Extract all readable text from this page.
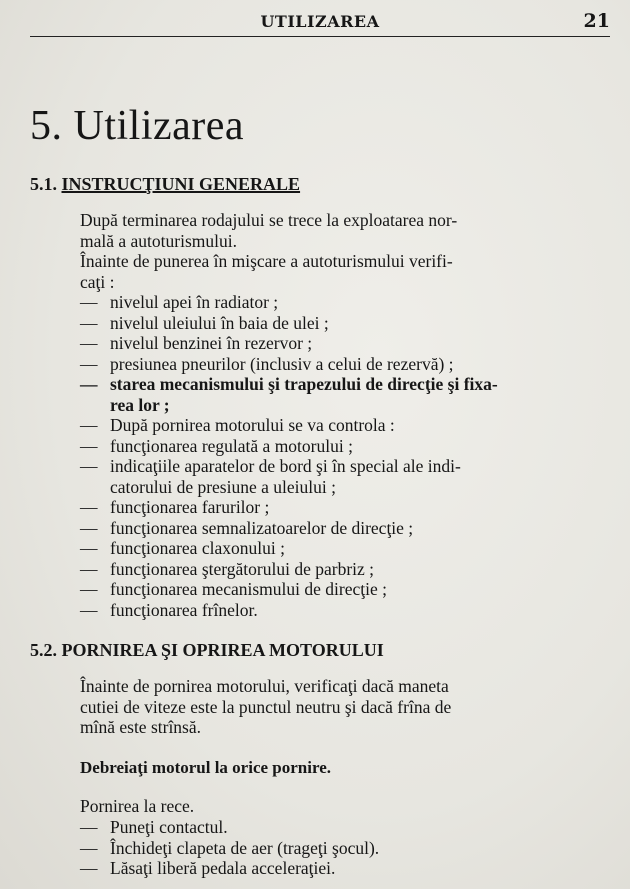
UTILIZAREA	21
5. Utilizarea
5.1. INSTRUCŢIUNI GENERALE
După terminarea rodajului se trece la exploatarea nor-
mală a autoturismului.
Înainte de punerea în mişcare a autoturismului verifi-
caţi :
— nivelul apei în radiator ;
— nivelul uleiului în baia de ulei ;
— nivelul benzinei în rezervor ;
— presiunea pneurilor (inclusiv a celui de rezervă) ;
— starea mecanismului şi trapezului de direcţie şi fixa-
rea lor ;
— După pornirea motorului se va controla :
— funcţionarea regulată a motorului ;
— indicaţiile aparatelor de bord şi în special ale indi-
catorului de presiune a uleiului ;
— funcţionarea farurilor ;
— funcţionarea semnalizatoarelor de direcţie ;
— funcţionarea claxonului ;
— funcţionarea ştergătorului de parbriz ;
— funcţionarea mecanismului de direcţie ;
— funcţionarea frînelor.
5.2. PORNIREA ŞI OPRIREA MOTORULUI
Înainte de pornirea motorului, verificaţi dacă maneta
cutiei de viteze este la punctul neutru şi dacă frîna de
mînă este strînsă.
Debreiaţi motorul la orice pornire.
Pornirea la rece.
— Puneţi contactul.
— Închideţi clapeta de aer (trageţi şocul).
— Lăsaţi liberă pedala acceleraţiei.
